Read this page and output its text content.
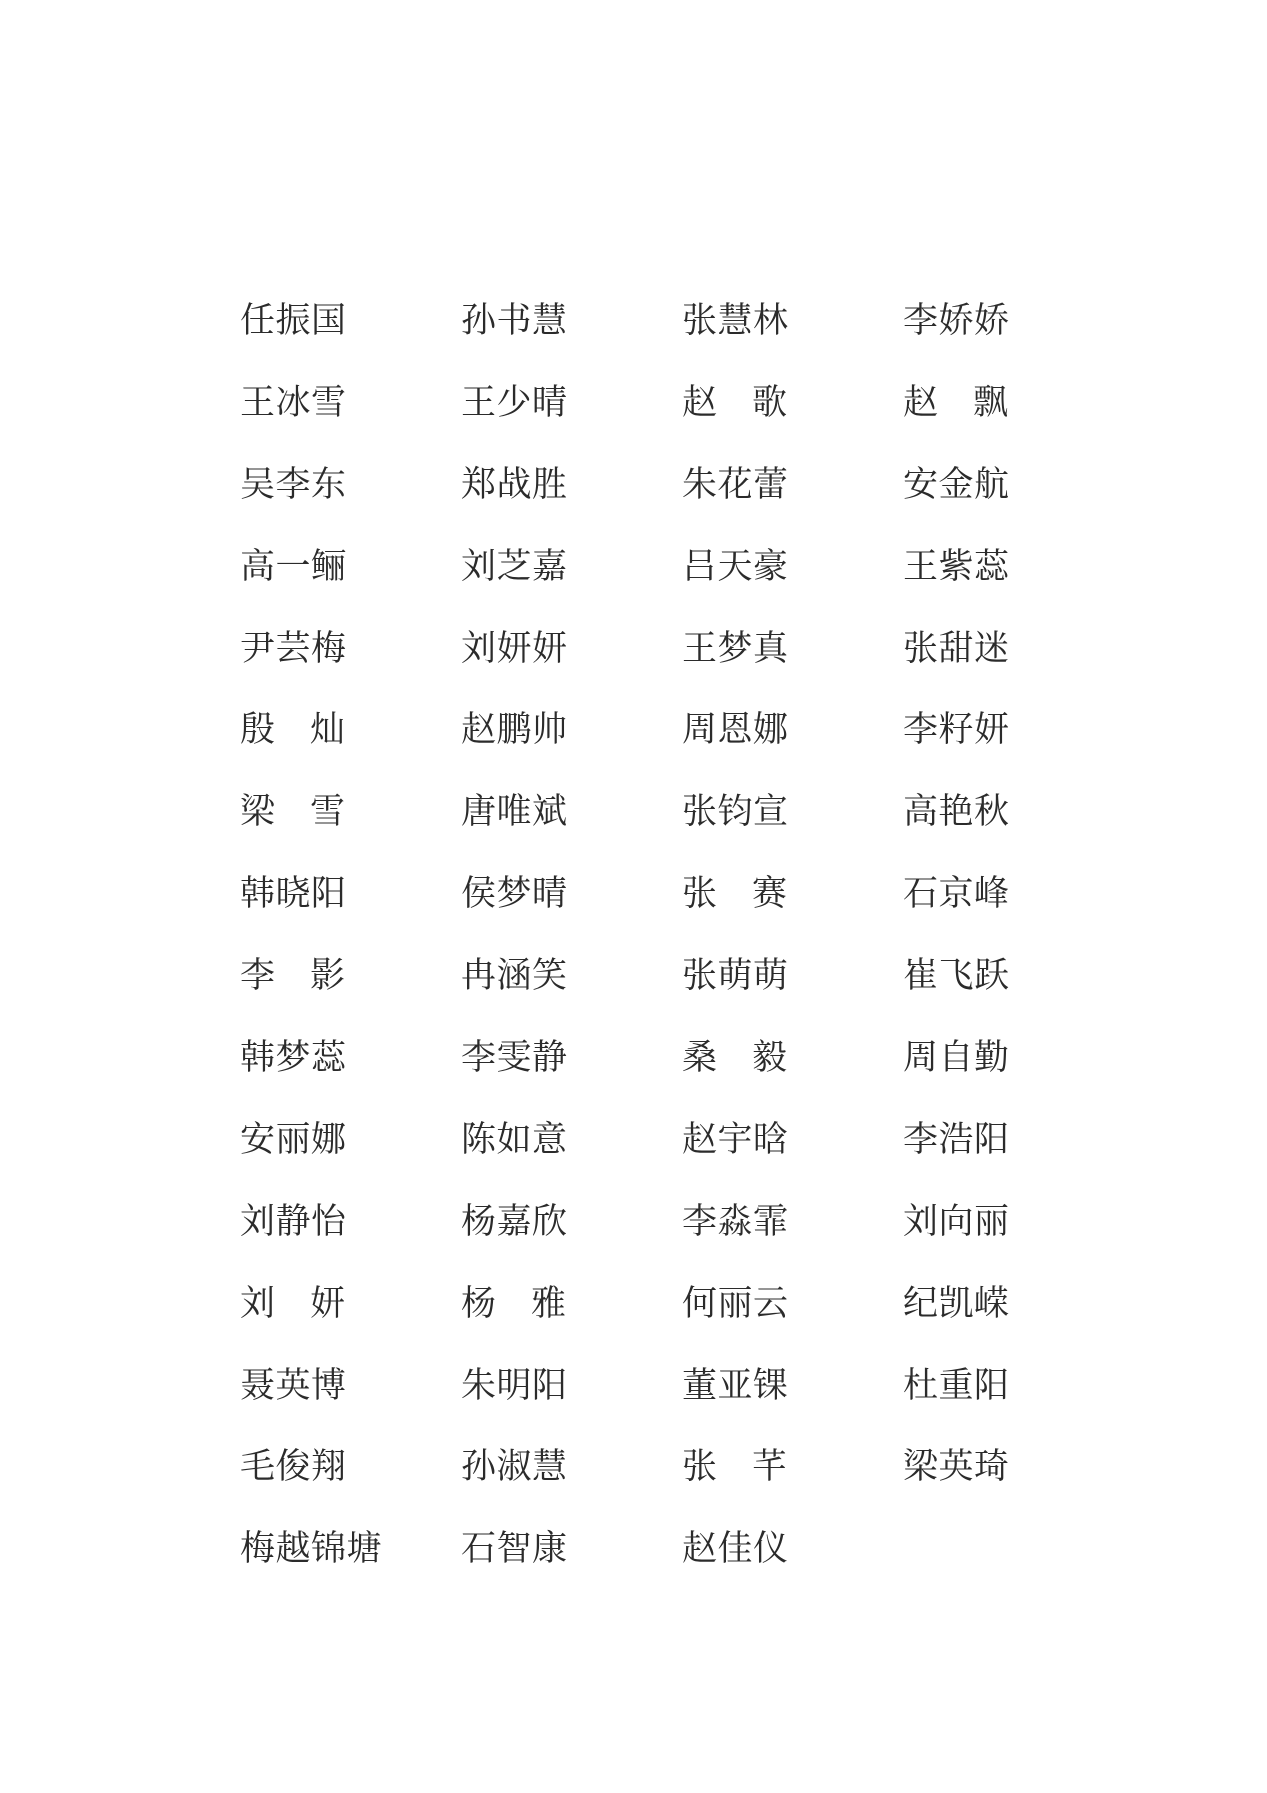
任振国	孙书慧	张慧林	李娇娇
王冰雪	王少晴	赵 歌	赵 飘
吴李东	郑战胜	朱花蕾	安金航
高一鲡	刘芝嘉	吕天豪	王紫蕊
尹芸梅	刘妍妍	王梦真	张甜迷
殷 灿	赵鹏帅	周恩娜	李籽妍
梁 雪	唐唯斌	张钧宣	高艳秋
韩晓阳	侯梦晴	张 赛	石京峰
李 影	冉涵笑	张萌萌	崔飞跃
韩梦蕊	李雯静	桑 毅	周自勤
安丽娜	陈如意	赵宇晗	李浩阳
刘静怡	杨嘉欣	李淼霏	刘向丽
刘 妍	杨 雅	何丽云	纪凯嵘
聂英博	朱明阳	董亚锞	杜重阳
毛俊翔	孙淑慧	张 芊	梁英琦
梅越锦塘	石智康	赵佳仪
